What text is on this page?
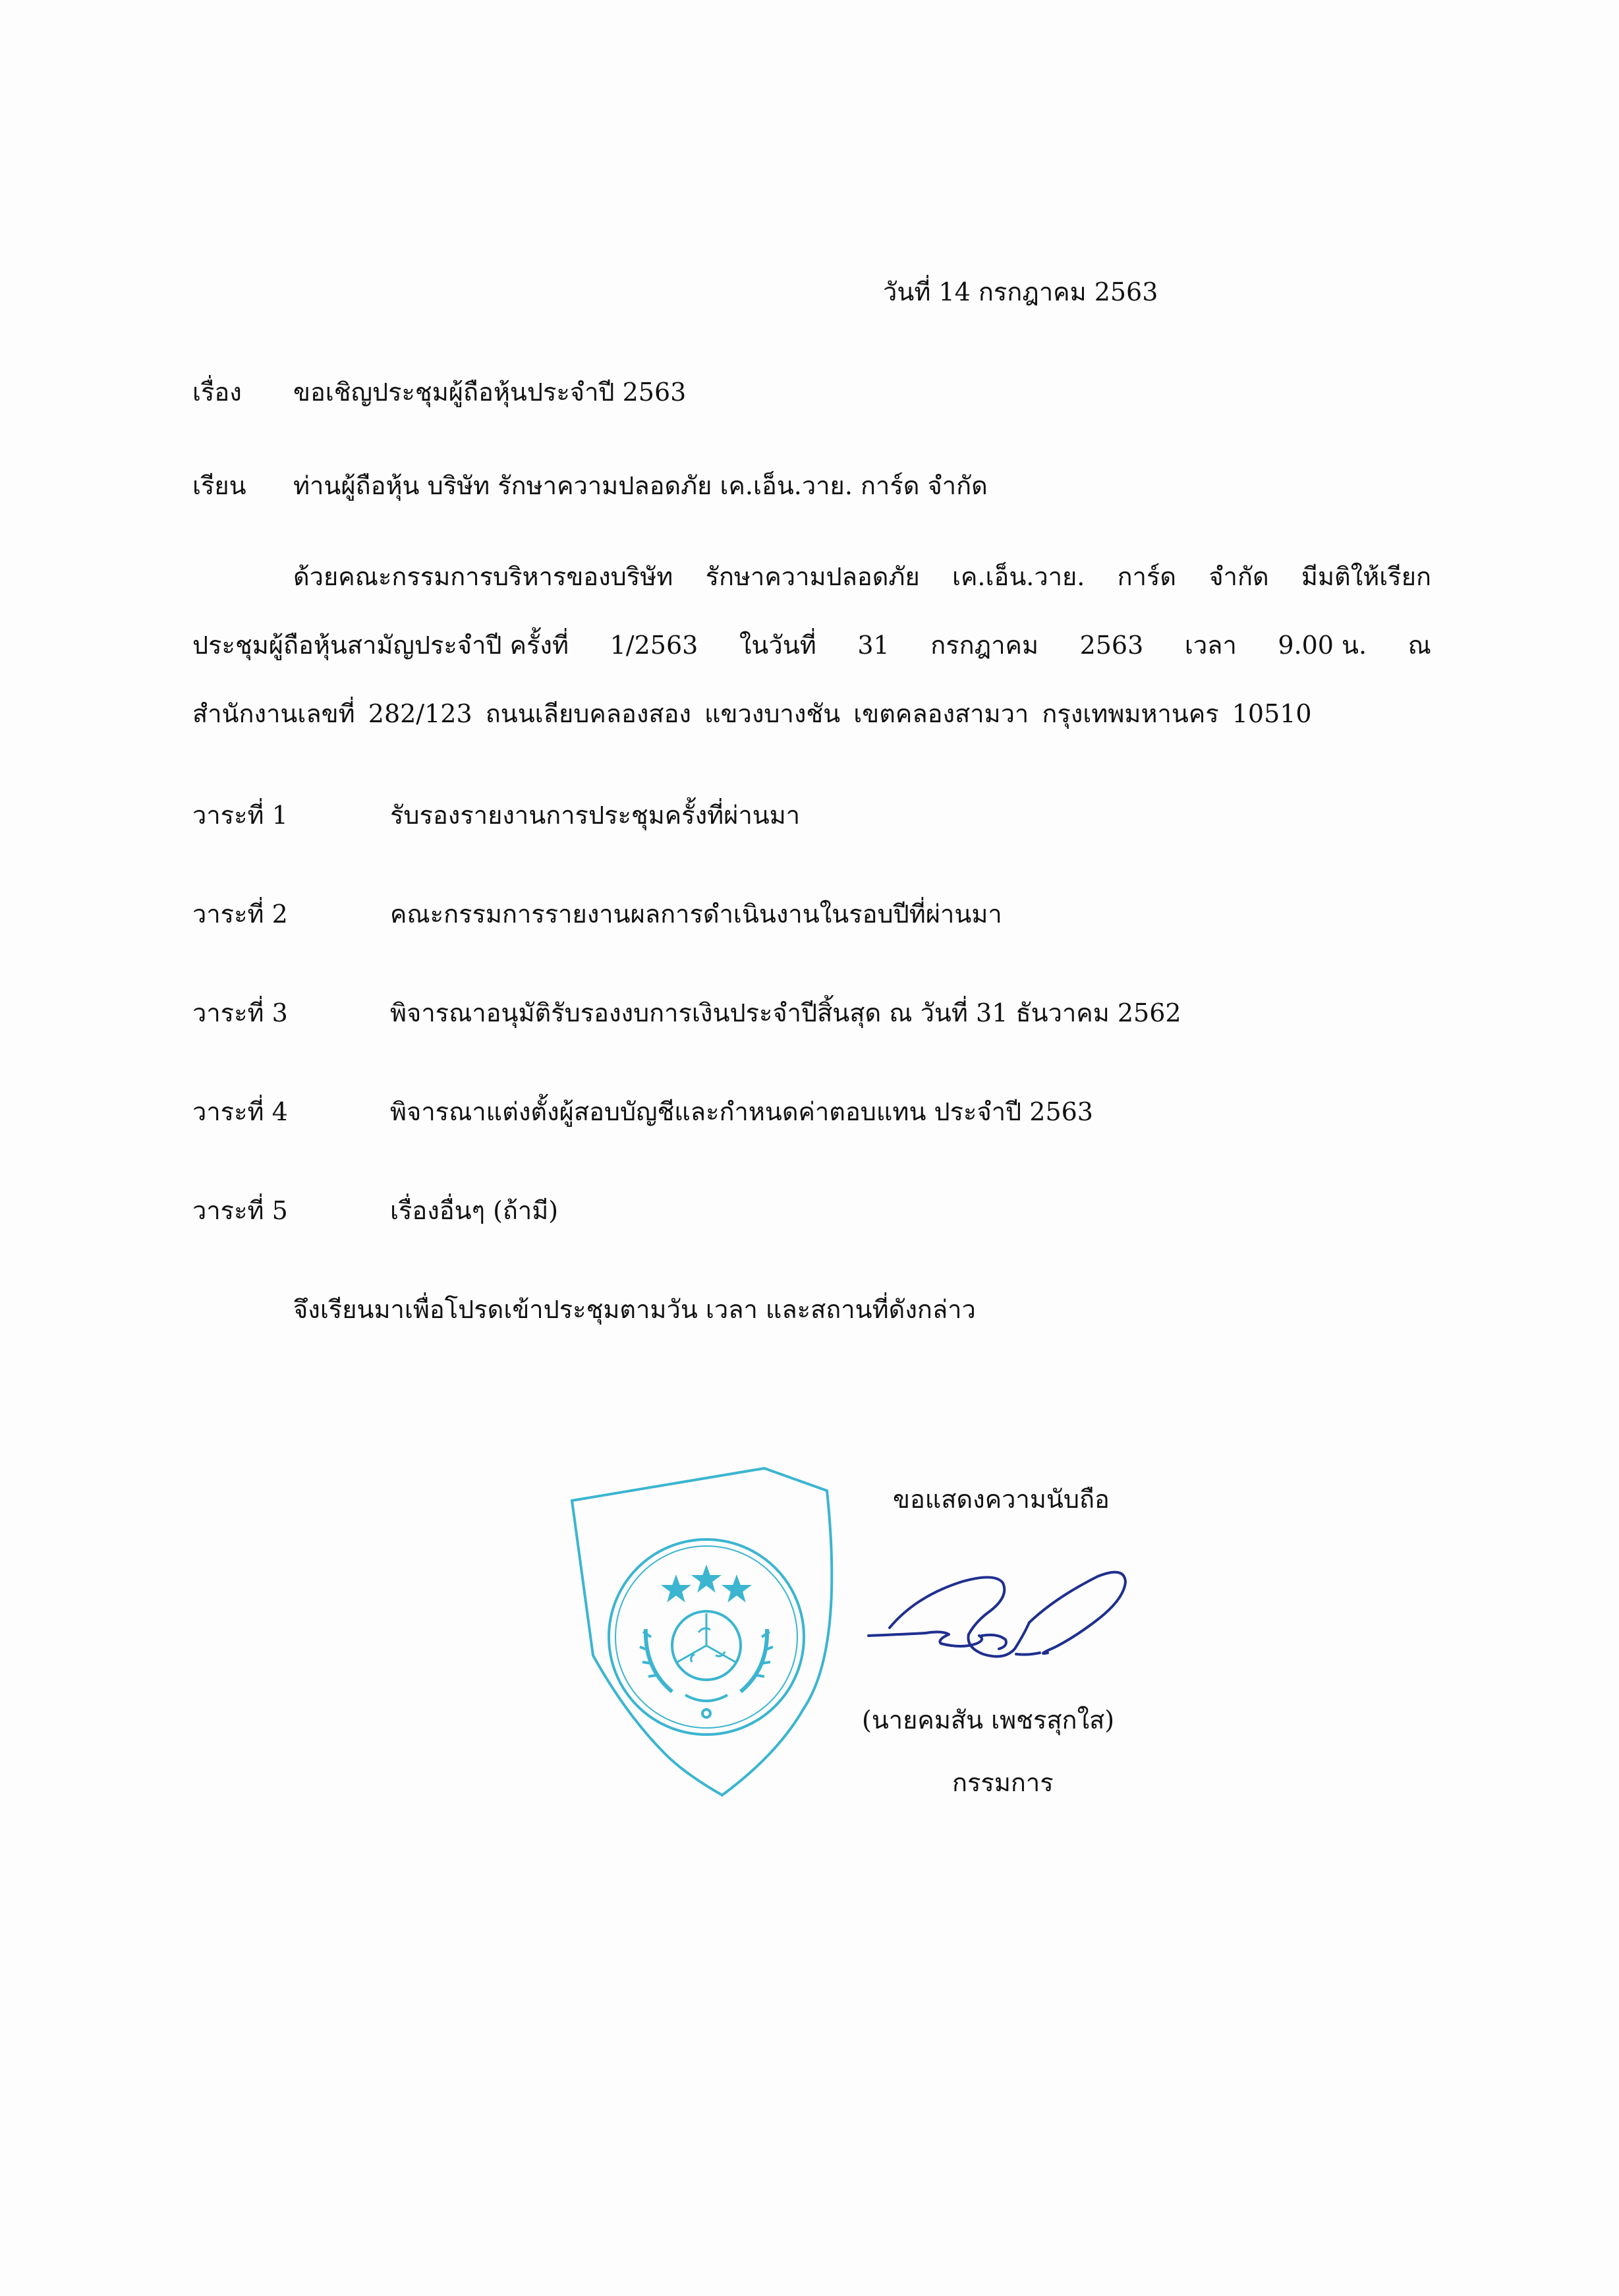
วันที่ 14 กรกฎาคม 2563
เรื่อง ขอเชิญประชุมผู้ถือหุ้นประจำปี 2563
เรียน ท่านผู้ถือหุ้น บริษัท รักษาความปลอดภัย เค.เอ็น.วาย. การ์ด จำกัด
ด้วยคณะกรรมการบริหารของบริษัท รักษาความปลอดภัย เค.เอ็น.วาย. การ์ด จำกัด มีมติให้เรียก
ประชุมผู้ถือหุ้นสามัญประจำปี ครั้งที่ 1/2563 ในวันที่ 31 กรกฎาคม 2563 เวลา 9.00 น. ณ
สำนักงานเลขที่ 282/123 ถนนเลียบคลองสอง แขวงบางชัน เขตคลองสามวา กรุงเทพมหานคร 10510
วาระที่ 1	รับรองรายงานการประชุมครั้งที่ผ่านมา
วาระที่ 2	คณะกรรมการรายงานผลการดำเนินงานในรอบปีที่ผ่านมา
วาระที่ 3	พิจารณาอนุมัติรับรองงบการเงินประจำปีสิ้นสุด ณ วันที่ 31 ธันวาคม 2562
วาระที่ 4	พิจารณาแต่งตั้งผู้สอบบัญชีและกำหนดค่าตอบแทน ประจำปี 2563
วาระที่ 5	เรื่องอื่นๆ (ถ้ามี)
จึงเรียนมาเพื่อโปรดเข้าประชุมตามวัน เวลา และสถานที่ดังกล่าว
ขอแสดงความนับถือ
(นายคมสัน เพชรสุกใส)
กรรมการ
